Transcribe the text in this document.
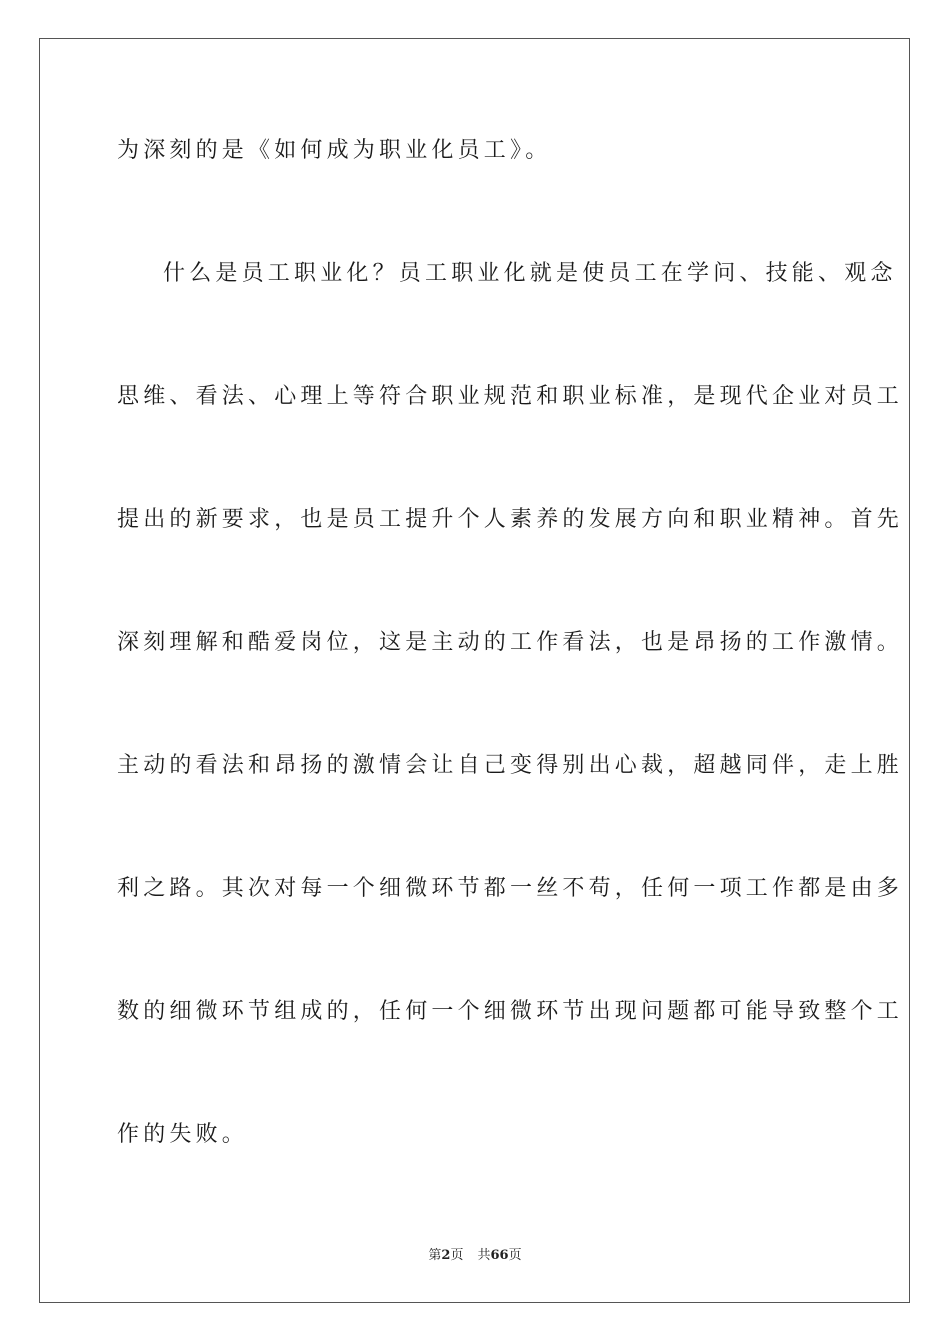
为深刻的是《如何成为职业化员工》。
什么是员工职业化？员工职业化就是使员工在学问、技能、观念
思维、看法、心理上等符合职业规范和职业标准，是现代企业对员工
提出的新要求，也是员工提升个人素养的发展方向和职业精神。首先
深刻理解和酷爱岗位，这是主动的工作看法，也是昂扬的工作激情。
主动的看法和昂扬的激情会让自己变得别出心裁，超越同伴，走上胜
利之路。其次对每一个细微环节都一丝不苟，任何一项工作都是由多
数的细微环节组成的，任何一个细微环节出现问题都可能导致整个工
作的失败。
第2页 共66页
